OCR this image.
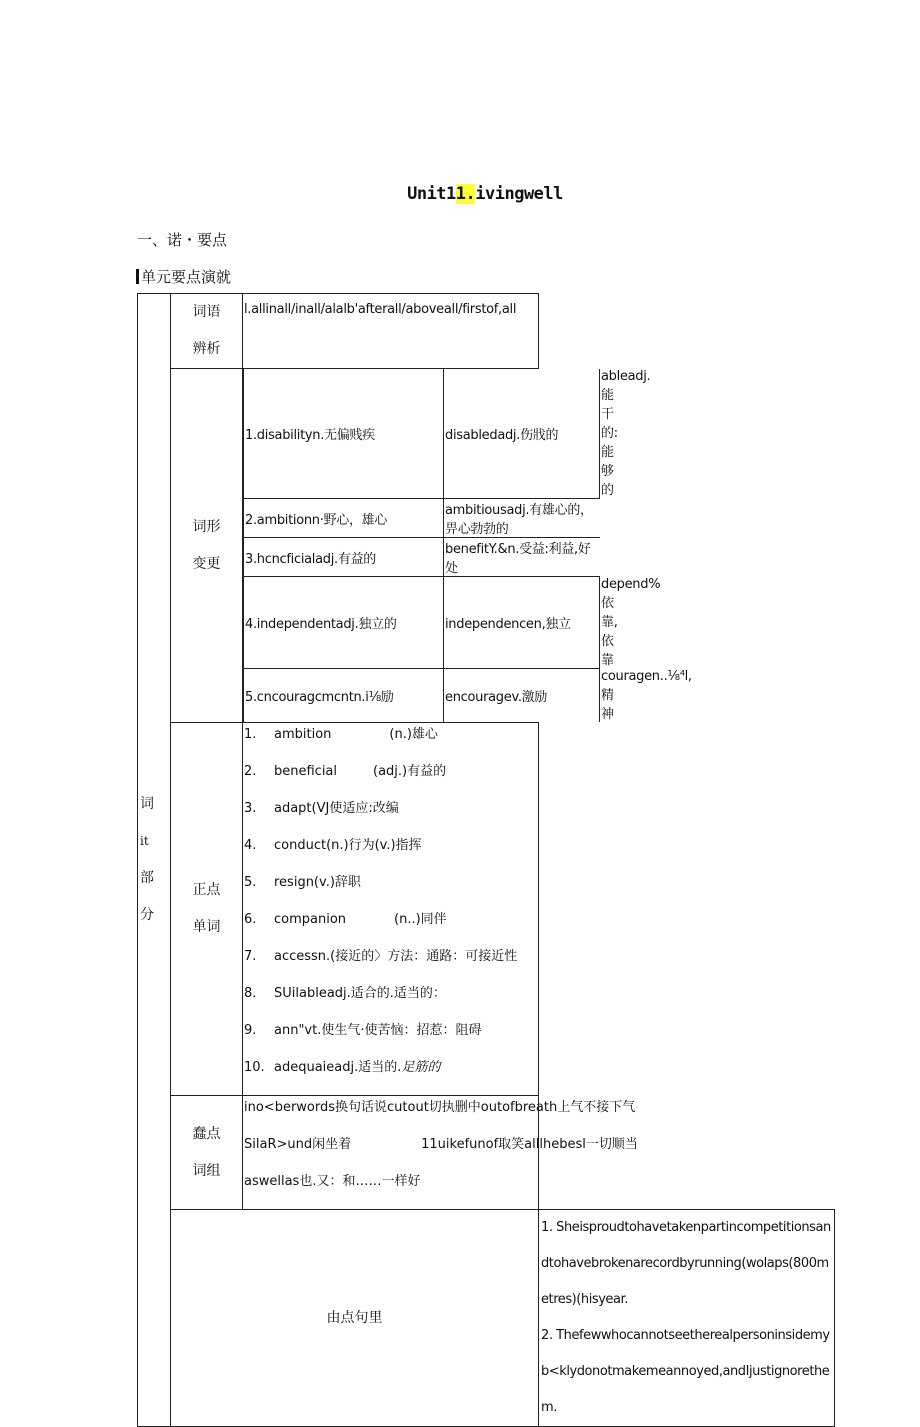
Unit11.ivingwell
一、诺・要点
单元要点演就
词
it
部
分

词语
辨析
	l.allinall/inall/alalb'afterall/aboveall/firstof,all

词形
变更

1.disabilityn.无偏贱疾	disabledadj.伤戕的	ableadj.能干的:能够的
2.ambitionn·野心，雄心	ambitiousadj.有雄心的，畀心勃勃的
3.hcncficialadj.有益的	benefitY.&n.受益:利益,好处
4.independentadj.独立的	independencen,独立	depend%依靠,依靠
5.cncouragcmcntn.i⅛励	encouragev.激励	couragen..⅛⁴l,精神

正点
单词

1. ambition	(n.)雄心
2. beneficial	(adj.)有益的
3. adapt(VJ使适应:改编
4. conduct(n.)行为(v.)指挥
5. resign(v.)辞职
6. companion	(n..)同伴
7. accessn.(接近的〉方法：通路：可接近性
8. SUilableadj.适合的.适当的：
9. ann"vt.使生气·使苦恼：招惹：阻碍
10. adequaieadj.适当的.足筋的

蠢点
词组

ino<berwords换句话说cutout切执删中outofbreath上气不接下气
SilaR>und闲坐着	11uikefunof取笑alllhebesl一切顺当
aswellas也.又：和……一样好

由点句里	
1. Sheisproudtohavetakenpartincompetitionsandtohavebrokenarecordbyrunning(wolaps(800metres)(hisyear.
2. Thefewwhocannotseetherealpersoninsidemyb<klydonotmakemeannoyed,andIjustignorethem.
